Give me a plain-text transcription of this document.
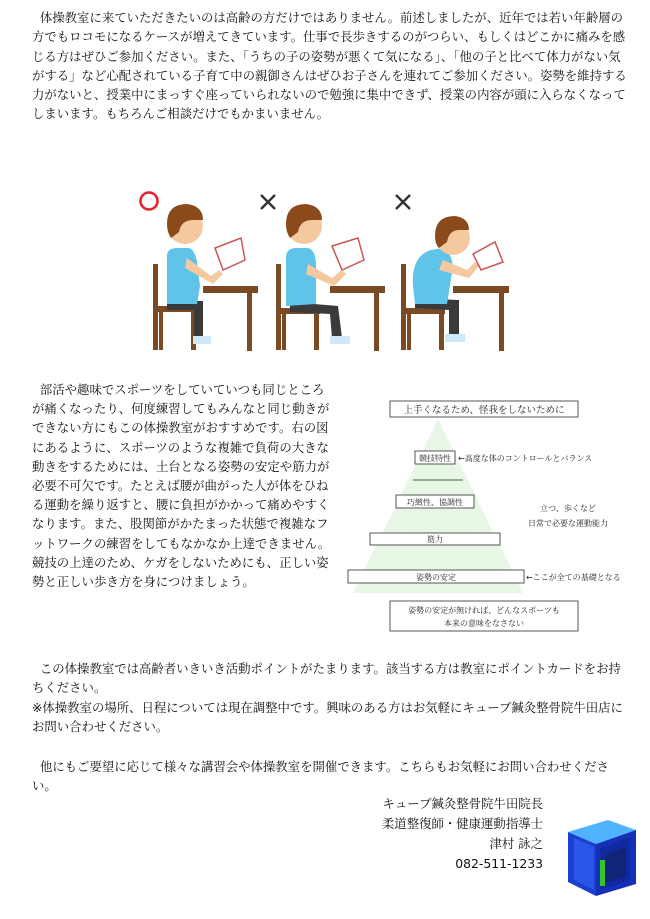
体操教室に来ていただきたいのは高齢の方だけではありません。前述しましたが、近年では若い年齢層の方でもロコモになるケースが増えてきています。仕事で長歩きするのがつらい、もしくはどこかに痛みを感じる方はぜひご参加ください。また、「うちの子の姿勢が悪くて気になる」、「他の子と比べて体力がない気がする」など心配されている子育て中の親御さんはぜひお子さんを連れてご参加ください。姿勢を維持する力がないと、授業中にまっすぐ座っていられないので勉強に集中できず、授業の内容が頭に入らなくなってしまいます。もちろんご相談だけでもかまいません。

部活や趣味でスポーツをしていていつも同じところが痛くなったり、何度練習してもみんなと同じ動きができない方にもこの体操教室がおすすめです。右の図にあるように、スポーツのような複雑で負荷の大きな動きをするためには、土台となる姿勢の安定や筋力が必要不可欠です。たとえば腰が曲がった人が体をひねる運動を繰り返すと、腰に負担がかかって痛めやすくなります。また、股関節がかたまった状態で複雑なフットワークの練習をしてもなかなか上達できません。競技の上達のため、ケガをしないためにも、正しい姿勢と正しい歩き方を身につけましょう。

上手くなるため、怪我をしないために
競技特性
巧緻性、協調性
筋力
姿勢の安定
←高度な体のコントロールとバランス
立つ、歩くなど
日常で必要な運動能力
←ここが全ての基礎となる
姿勢の安定が無ければ、どんなスポーツも
本来の意味をなさない

この体操教室では高齢者いきいき活動ポイントがたまります。該当する方は教室にポイントカードをお持ちください。
※体操教室の場所、日程については現在調整中です。興味のある方はお気軽にキューブ鍼灸整骨院牛田店にお問い合わせください。

他にもご要望に応じて様々な講習会や体操教室を開催できます。こちらもお気軽にお問い合わせください。

キューブ鍼灸整骨院牛田院長

柔道整復師・健康運動指導士

津村 詠之

082-511-1233
